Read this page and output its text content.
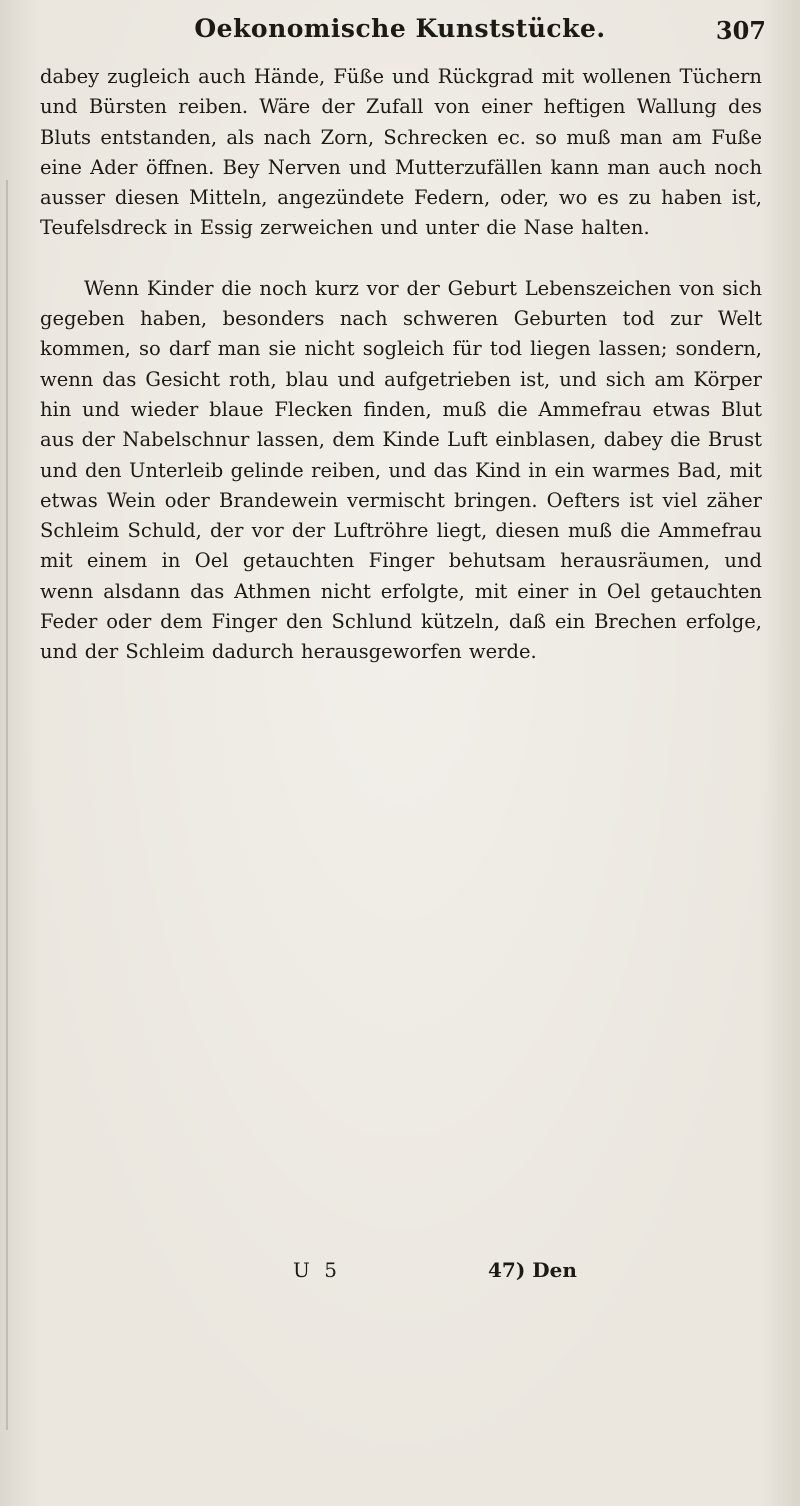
Oekonomische Kunststücke.	307

dabey zugleich auch Hände, Füße und Rückgrad mit wollenen Tüchern und Bürsten reiben. Wäre der Zufall von einer heftigen Wallung des Bluts entstanden, als nach Zorn, Schrecken ec. so muß man am Fuße eine Ader öffnen. Bey Nerven und Mutterzufällen kann man auch noch ausser diesen Mitteln, angezündete Federn, oder, wo es zu haben ist, Teufelsdreck in Essig zerweichen und unter die Nase halten.

Wenn Kinder die noch kurz vor der Geburt Lebenszeichen von sich gegeben haben, besonders nach schweren Geburten tod zur Welt kommen, so darf man sie nicht sogleich für tod liegen lassen; sondern, wenn das Gesicht roth, blau und aufgetrieben ist, und sich am Körper hin und wieder blaue Flecken finden, muß die Ammefrau etwas Blut aus der Nabelschnur lassen, dem Kinde Luft einblasen, dabey die Brust und den Unterleib gelinde reiben, und das Kind in ein warmes Bad, mit etwas Wein oder Brandewein vermischt bringen. Oefters ist viel zäher Schleim Schuld, der vor der Luftröhre liegt, diesen muß die Ammefrau mit einem in Oel getauchten Finger behutsam herausräumen, und wenn alsdann das Athmen nicht erfolgte, mit einer in Oel getauchten Feder oder dem Finger den Schlund kützeln, daß ein Brechen erfolge, und der Schleim dadurch herausgeworfen werde.

U 5	47) Den
